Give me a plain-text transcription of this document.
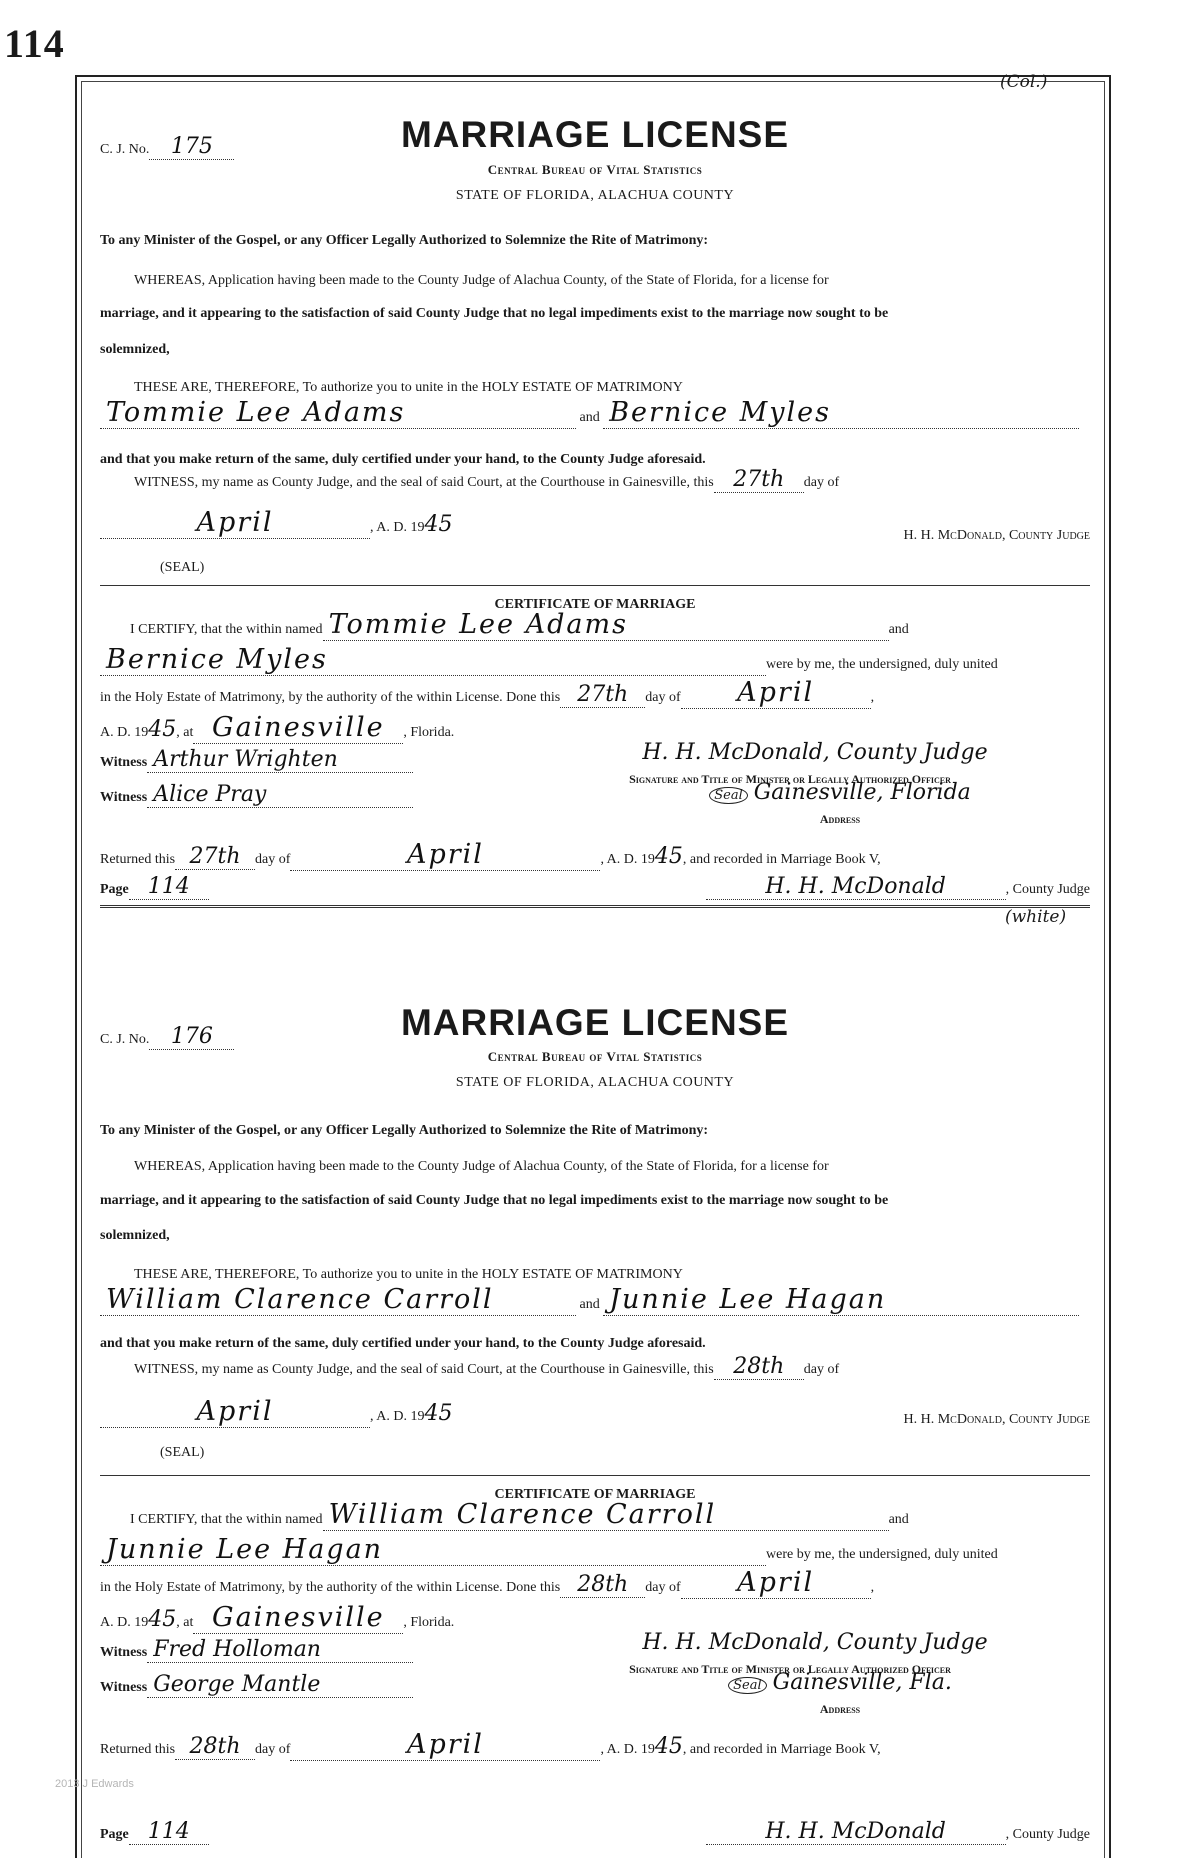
114
(Col.)
C. J. No. 175	MARRIAGE LICENSE
Central Bureau of Vital Statistics
STATE OF FLORIDA, ALACHUA COUNTY
To any Minister of the Gospel, or any Officer Legally Authorized to Solemnize the Rite of Matrimony:
WHEREAS, Application having been made to the County Judge of Alachua County, of the State of Florida, for a license for
marriage, and it appearing to the satisfaction of said County Judge that no legal impediments exist to the marriage now sought to be
solemnized,
THESE ARE, THEREFORE, To authorize you to unite in the HOLY ESTATE OF MATRIMONY
Tommie Lee Adams	and Bernice Myles
and that you make return of the same, duly certified under your hand, to the County Judge aforesaid.
WITNESS, my name as County Judge, and the seal of said Court, at the Courthouse in Gainesville, this 27th day of
April	, A. D. 1945	H. H. McDonald, County Judge
(SEAL)
CERTIFICATE OF MARRIAGE
I CERTIFY, that the within named Tommie Lee Adams	and
Bernice Myles	were by me, the undersigned, duly united
in the Holy Estate of Matrimony, by the authority of the within License. Done this 27th day of April	,
A. D. 1945, at Gainesville , Florida.
H. H. McDonald, County Judge
Witness Arthur Wrighten
Signature and Title of Minister or Legally Authorized Officer
Witness Alice Pray	Seal Gainesville, Florida
Address
Returned this 27th day of	April	, A. D. 1945, and recorded in Marriage Book V,
Page 114	H. H. McDonald	, County Judge
(white)
C. J. No. 176	MARRIAGE LICENSE
Central Bureau of Vital Statistics
STATE OF FLORIDA, ALACHUA COUNTY
To any Minister of the Gospel, or any Officer Legally Authorized to Solemnize the Rite of Matrimony:
WHEREAS, Application having been made to the County Judge of Alachua County, of the State of Florida, for a license for
marriage, and it appearing to the satisfaction of said County Judge that no legal impediments exist to the marriage now sought to be
solemnized,
THESE ARE, THEREFORE, To authorize you to unite in the HOLY ESTATE OF MATRIMONY
William Clarence Carroll	and Junnie Lee Hagan
and that you make return of the same, duly certified under your hand, to the County Judge aforesaid.
WITNESS, my name as County Judge, and the seal of said Court, at the Courthouse in Gainesville, this 28th day of
April	, A. D. 1945	H. H. McDonald, County Judge
(SEAL)
CERTIFICATE OF MARRIAGE
I CERTIFY, that the within named William Clarence Carroll	and
Junnie Lee Hagan	were by me, the undersigned, duly united
in the Holy Estate of Matrimony, by the authority of the within License. Done this 28th day of April	,
A. D. 1945, at Gainesville , Florida.
H. H. McDonald, County Judge
Witness Fred Holloman
Signature and Title of Minister or Legally Authorized Officer
Witness George Mantle	Seal Gainesville, Fla.
Address
Returned this 28th day of	April	, A. D. 1945, and recorded in Marriage Book V,
Page 114	H. H. McDonald	, County Judge
2013 J Edwards
